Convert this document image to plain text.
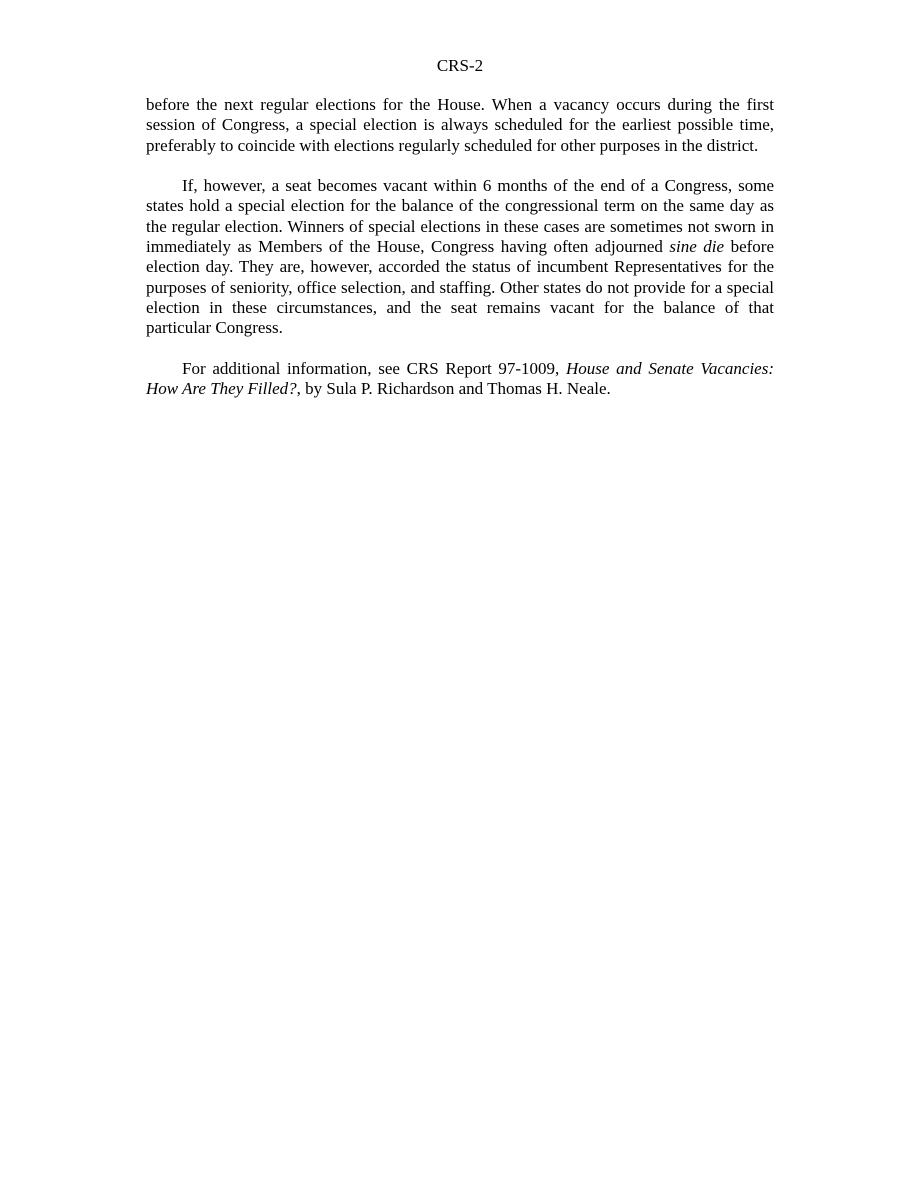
CRS-2

before the next regular elections for the House. When a vacancy occurs during the first session of Congress, a special election is always scheduled for the earliest possible time, preferably to coincide with elections regularly scheduled for other purposes in the district.

If, however, a seat becomes vacant within 6 months of the end of a Congress, some states hold a special election for the balance of the congressional term on the same day as the regular election. Winners of special elections in these cases are sometimes not sworn in immediately as Members of the House, Congress having often adjourned sine die before election day. They are, however, accorded the status of incumbent Representatives for the purposes of seniority, office selection, and staffing. Other states do not provide for a special election in these circumstances, and the seat remains vacant for the balance of that particular Congress.

For additional information, see CRS Report 97-1009, House and Senate Vacancies: How Are They Filled?, by Sula P. Richardson and Thomas H. Neale.
